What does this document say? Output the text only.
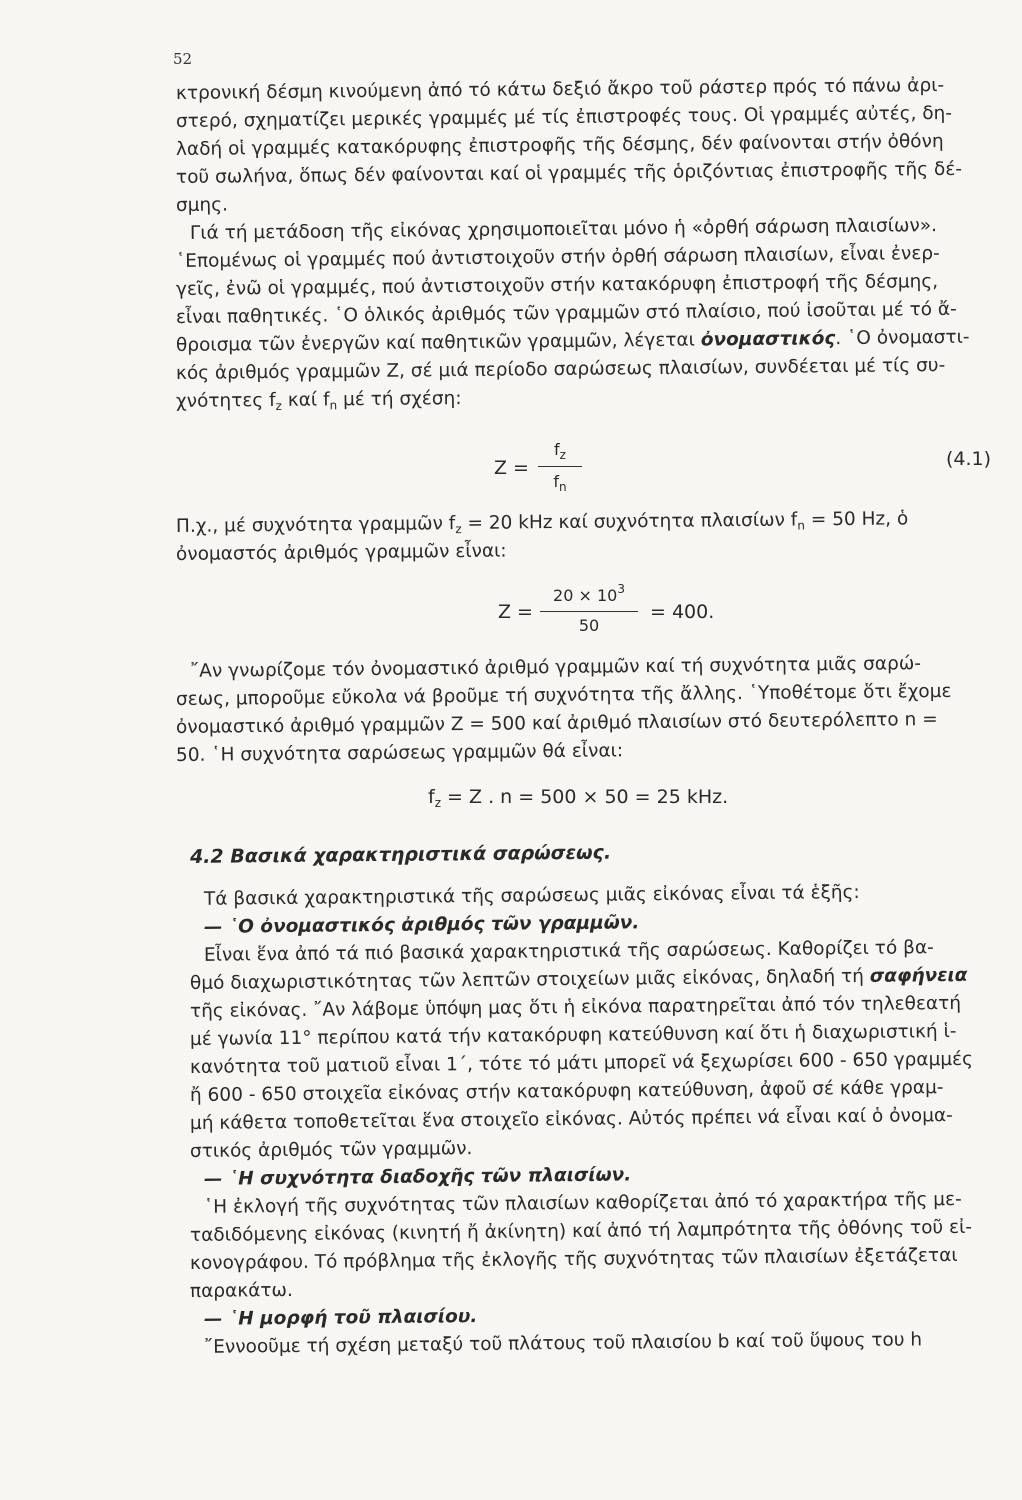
52

κτρονική δέσμη κινούμενη ἀπό τό κάτω δεξιό ἄκρο τοῦ ράστερ πρός τό πάνω ἀρι-

στερό, σχηματίζει μερικές γραμμές μέ τίς ἐπιστροφές τους. Οἱ γραμμές αὐτές, δη-

λαδή οἱ γραμμές κατακόρυφης ἐπιστροφῆς τῆς δέσμης, δέν φαίνονται στήν ὀθόνη

τοῦ σωλήνα, ὅπως δέν φαίνονται καί οἱ γραμμές τῆς ὁριζόντιας ἐπιστροφῆς τῆς δέ-

σμης.

Γιά τή μετάδοση τῆς εἰκόνας χρησιμοποιεῖται μόνο ἡ «ὀρθή σάρωση πλαισίων».

῾Επομένως οἱ γραμμές πού ἀντιστοιχοῦν στήν ὀρθή σάρωση πλαισίων, εἶναι ἐνερ-

γεῖς, ἐνῶ οἱ γραμμές, πού ἀντιστοιχοῦν στήν κατακόρυφη ἐπιστροφή τῆς δέσμης,

εἶναι παθητικές. ῾Ο ὁλικός ἀριθμός τῶν γραμμῶν στό πλαίσιο, πού ἰσοῦται μέ τό ἄ-

θροισμα τῶν ἐνεργῶν καί παθητικῶν γραμμῶν, λέγεται ὀνομαστικός. ῾Ο ὀνομαστι-

κός ἀριθμός γραμμῶν Z, σέ μιά περίοδο σαρώσεως πλαισίων, συνδέεται μέ τίς συ-

χνότητες $f_z$ καί $f_n$ μέ τή σχέση:

Z =
$f_z$
$f_n$
(4.1)

Π.χ., μέ συχνότητα γραμμῶν $f_z = 20$ kHz καί συχνότητα πλαισίων $f_n = 50$ Hz, ὁ

ὀνομαστός ἀριθμός γραμμῶν εἶναι:

Z =
$20 \times 10^3$
50
= 400.

῎Αν γνωρίζομε τόν ὀνομαστικό ἀριθμό γραμμῶν καί τή συχνότητα μιᾶς σαρώ-

σεως, μποροῦμε εὔκολα νά βροῦμε τή συχνότητα τῆς ἄλλης. ῾Υποθέτομε ὅτι ἔχομε

ὀνομαστικό ἀριθμό γραμμῶν Z = 500 καί ἀριθμό πλαισίων στό δευτερόλεπτο n =

50. ῾Η συχνότητα σαρώσεως γραμμῶν θά εἶναι:

$f_z = Z$ . n = 500 × 50 = 25 kHz.
4.2 Βασικά χαρακτηριστικά σαρώσεως.

Τά βασικά χαρακτηριστικά τῆς σαρώσεως μιᾶς εἰκόνας εἶναι τά ἑξῆς:

— ῾Ο ὀνομαστικός ἀριθμός τῶν γραμμῶν.

Εἶναι ἕνα ἀπό τά πιό βασικά χαρακτηριστικά τῆς σαρώσεως. Καθορίζει τό βα-

θμό διαχωριστικότητας τῶν λεπτῶν στοιχείων μιᾶς εἰκόνας, δηλαδή τή σαφήνεια

τῆς εἰκόνας. ῎Αν λάβομε ὑπόψη μας ὅτι ἡ εἰκόνα παρατηρεῖται ἀπό τόν τηλεθεατή

μέ γωνία 11° περίπου κατά τήν κατακόρυφη κατεύθυνση καί ὅτι ἡ διαχωριστική ἱ-

κανότητα τοῦ ματιοῦ εἶναι 1΄, τότε τό μάτι μπορεῖ νά ξεχωρίσει 600 - 650 γραμμές

ἤ 600 - 650 στοιχεῖα εἰκόνας στήν κατακόρυφη κατεύθυνση, ἀφοῦ σέ κάθε γραμ-

μή κάθετα τοποθετεῖται ἕνα στοιχεῖο εἰκόνας. Αὐτός πρέπει νά εἶναι καί ὁ ὀνομα-

στικός ἀριθμός τῶν γραμμῶν.

— ῾Η συχνότητα διαδοχῆς τῶν πλαισίων.

῾Η ἐκλογή τῆς συχνότητας τῶν πλαισίων καθορίζεται ἀπό τό χαρακτήρα τῆς με-

ταδιδόμενης εἰκόνας (κινητή ἤ ἀκίνητη) καί ἀπό τή λαμπρότητα τῆς ὀθόνης τοῦ εἰ-

κονογράφου. Τό πρόβλημα τῆς ἐκλογῆς τῆς συχνότητας τῶν πλαισίων ἐξετάζεται

παρακάτω.

— ῾Η μορφή τοῦ πλαισίου.

῎Εννοοῦμε τή σχέση μεταξύ τοῦ πλάτους τοῦ πλαισίου b καί τοῦ ὕψους του h
